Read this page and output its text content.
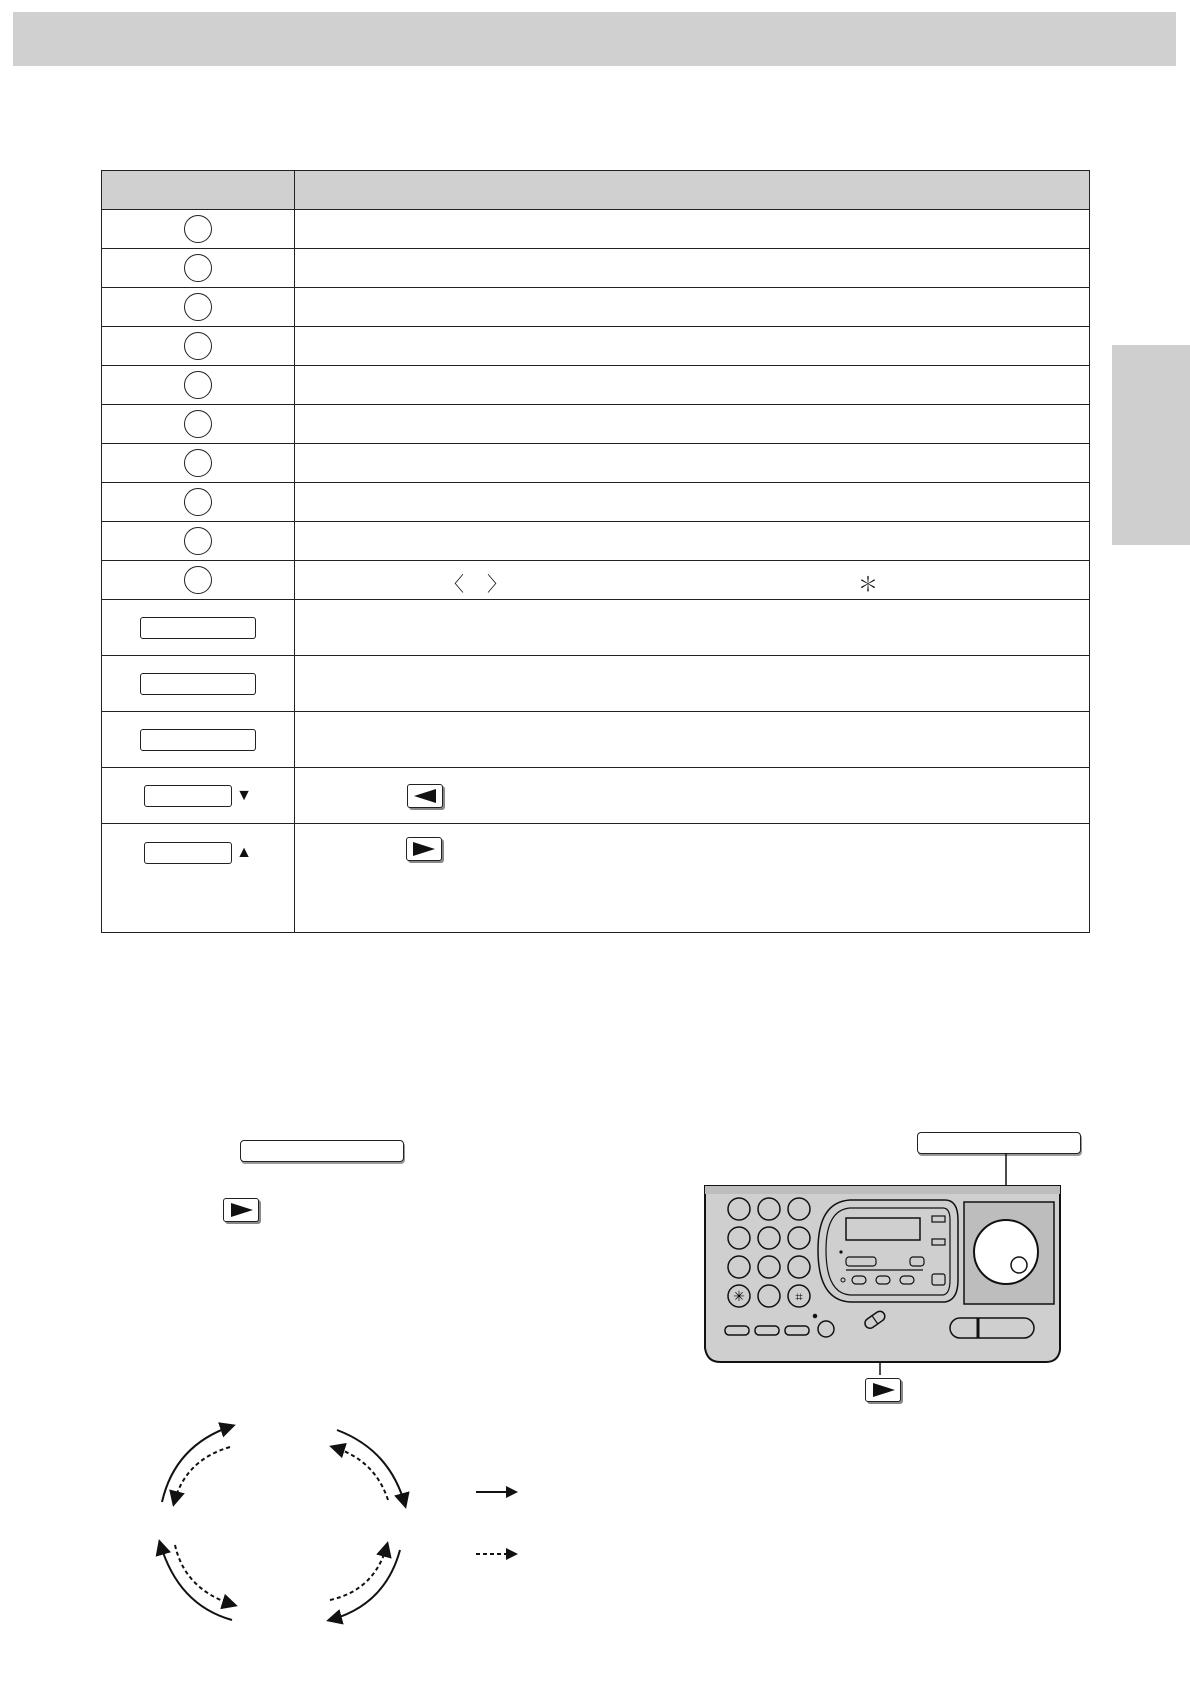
	〈 〉 ＊

▼	

▲	
✳	⌗
